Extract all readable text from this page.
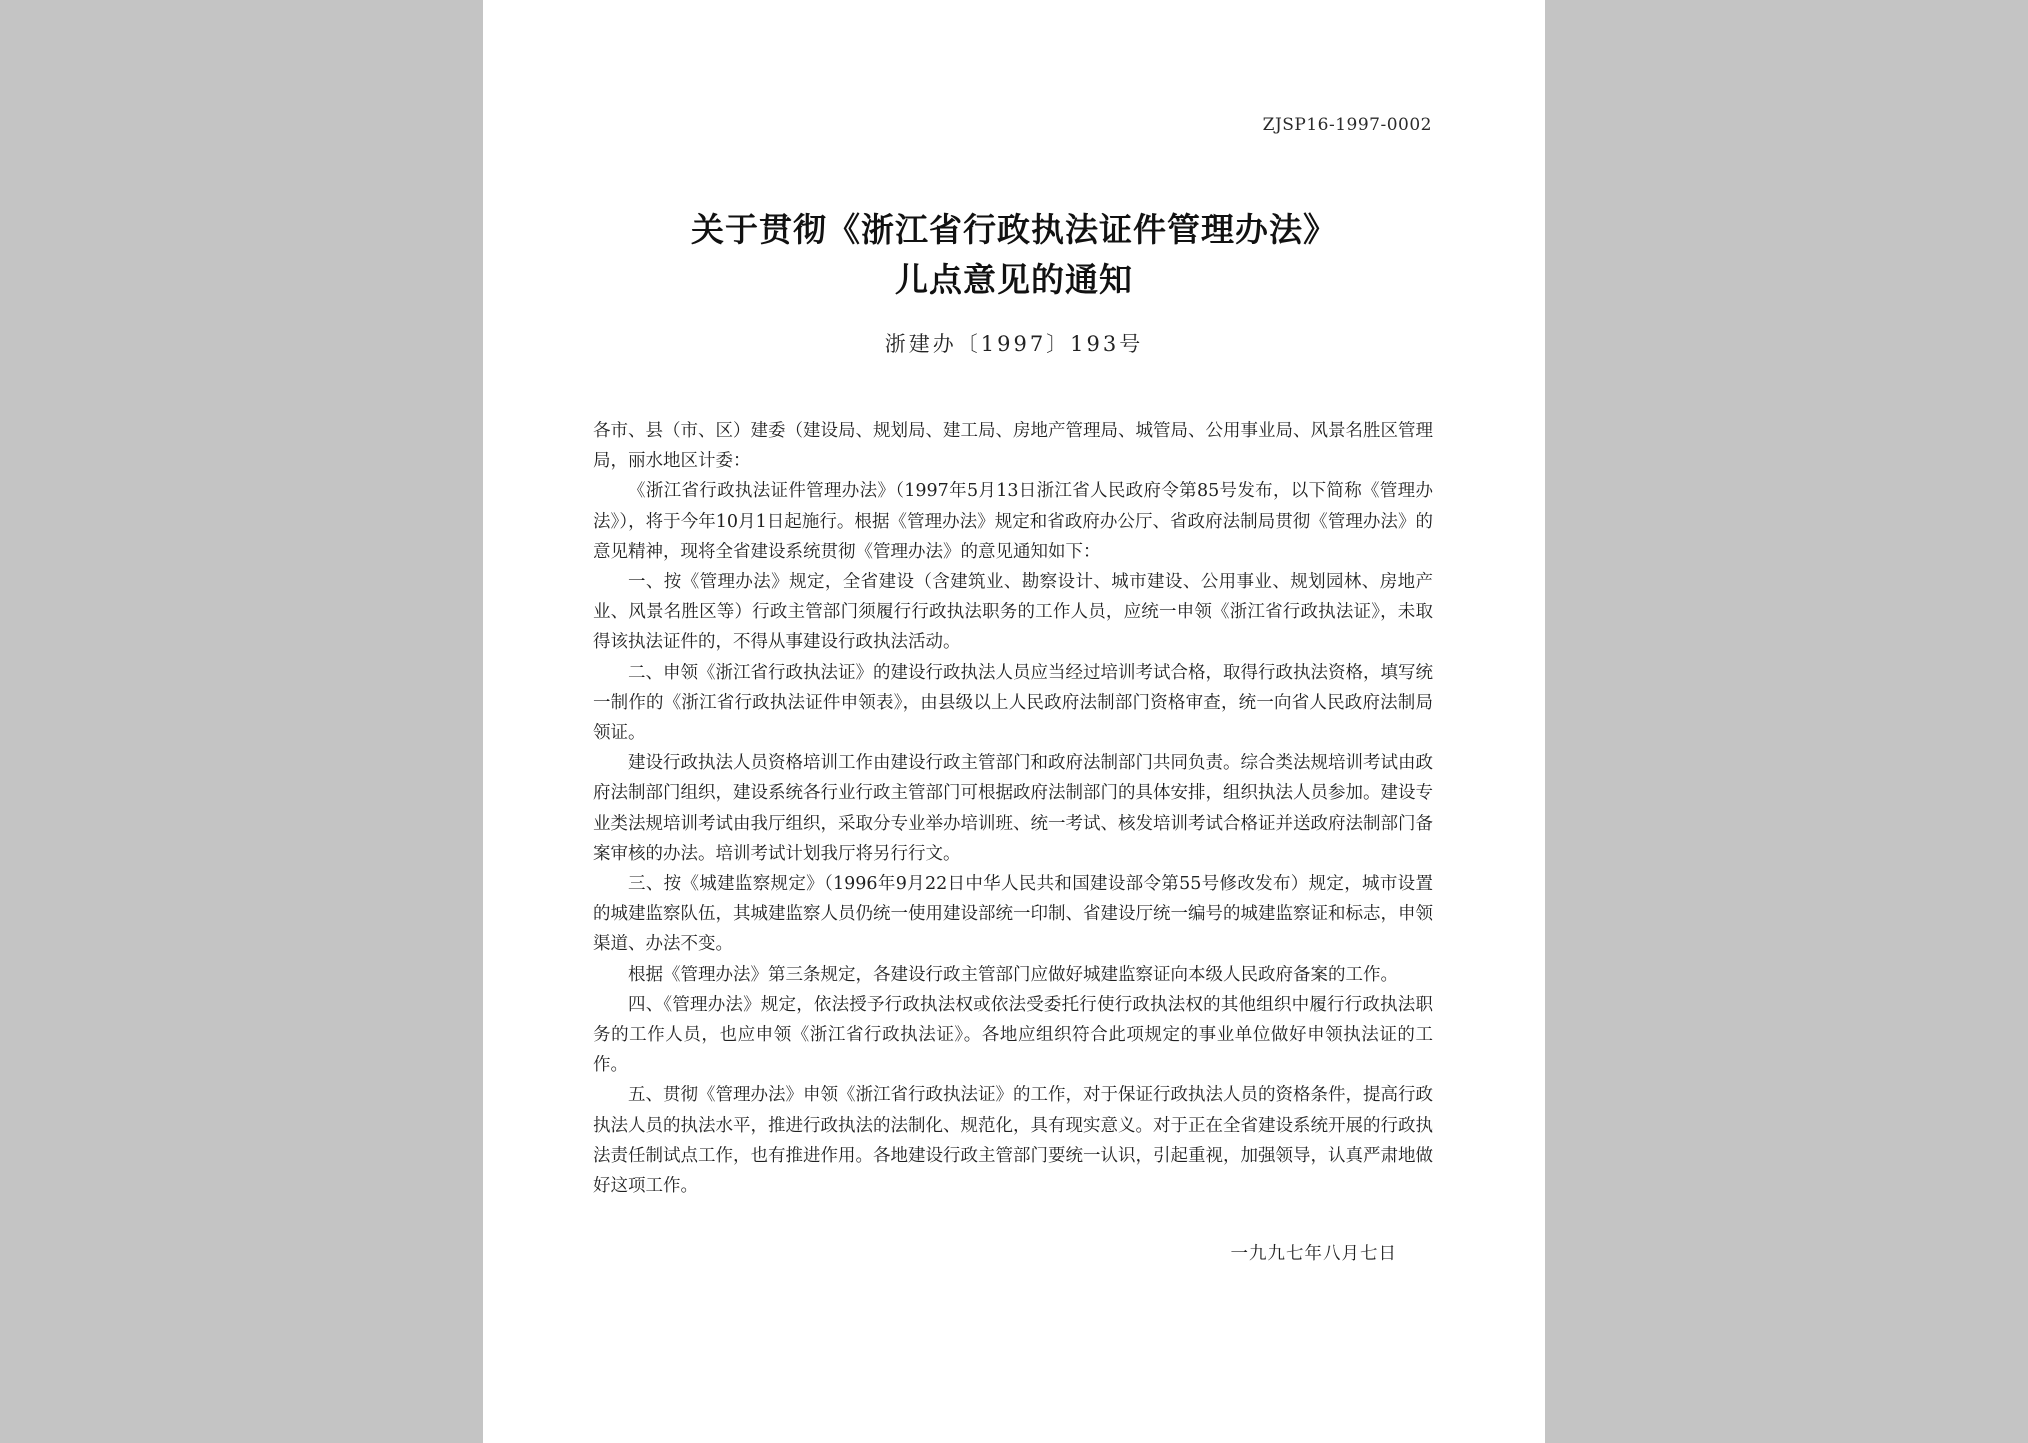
ZJSP16-1997-0002
关于贯彻《浙江省行政执法证件管理办法》
儿点意见的通知
浙建办〔1997〕193号

各市、县（市、区）建委（建设局、规划局、建工局、房地产管理局、城管局、公用事业局、风景名胜区管理局，丽水地区计委：

《浙江省行政执法证件管理办法》（1997年5月13日浙江省人民政府令第85号发布，以下简称《管理办法》），将于今年10月1日起施行。根据《管理办法》规定和省政府办公厅、省政府法制局贯彻《管理办法》的意见精神，现将全省建设系统贯彻《管理办法》的意见通知如下：

一、按《管理办法》规定，全省建设（含建筑业、勘察设计、城市建设、公用事业、规划园林、房地产业、风景名胜区等）行政主管部门须履行行政执法职务的工作人员，应统一申领《浙江省行政执法证》，未取得该执法证件的，不得从事建设行政执法活动。

二、申领《浙江省行政执法证》的建设行政执法人员应当经过培训考试合格，取得行政执法资格，填写统一制作的《浙江省行政执法证件申领表》，由县级以上人民政府法制部门资格审查，统一向省人民政府法制局领证。

建设行政执法人员资格培训工作由建设行政主管部门和政府法制部门共同负责。综合类法规培训考试由政府法制部门组织，建设系统各行业行政主管部门可根据政府法制部门的具体安排，组织执法人员参加。建设专业类法规培训考试由我厅组织，采取分专业举办培训班、统一考试、核发培训考试合格证并送政府法制部门备案审核的办法。培训考试计划我厅将另行行文。

三、按《城建监察规定》（1996年9月22日中华人民共和国建设部令第55号修改发布）规定，城市设置的城建监察队伍，其城建监察人员仍统一使用建设部统一印制、省建设厅统一编号的城建监察证和标志，申领渠道、办法不变。

根据《管理办法》第三条规定，各建设行政主管部门应做好城建监察证向本级人民政府备案的工作。

四、《管理办法》规定，依法授予行政执法权或依法受委托行使行政执法权的其他组织中履行行政执法职务的工作人员，也应申领《浙江省行政执法证》。各地应组织符合此项规定的事业单位做好申领执法证的工作。

五、贯彻《管理办法》申领《浙江省行政执法证》的工作，对于保证行政执法人员的资格条件，提高行政执法人员的执法水平，推进行政执法的法制化、规范化，具有现实意义。对于正在全省建设系统开展的行政执法责任制试点工作，也有推进作用。各地建设行政主管部门要统一认识，引起重视，加强领导，认真严肃地做好这项工作。

一九九七年八月七日
